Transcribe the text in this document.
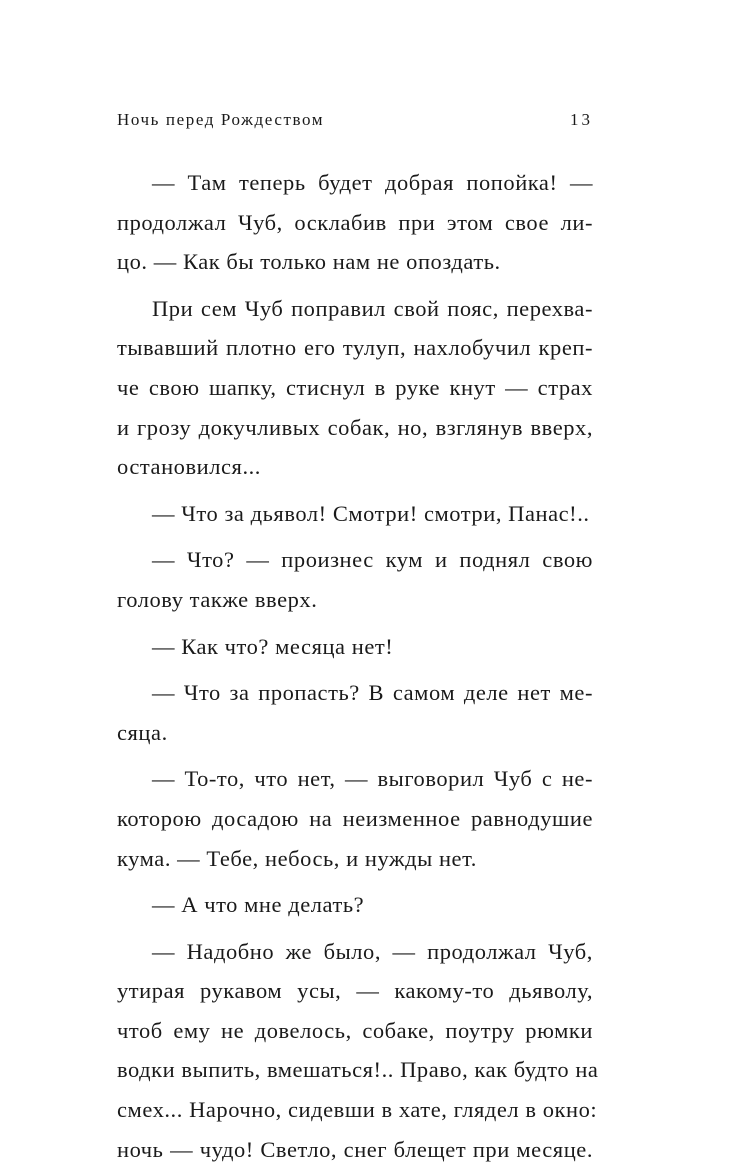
Ночь перед Рождеством	13
— Там теперь будет добрая попойка! —
продолжал Чуб, осклабив при этом свое ли-
цо. — Как бы только нам не опоздать.
При сем Чуб поправил свой пояс, перехва-
тывавший плотно его тулуп, нахлобучил креп-
че свою шапку, стиснул в руке кнут — страх
и грозу докучливых собак, но, взглянув вверх,
остановился...
— Что за дьявол! Смотри! смотри, Панас!..
— Что? — произнес кум и поднял свою
голову также вверх.
— Как что? месяца нет!
— Что за пропасть? В самом деле нет ме-
сяца.
— То-то, что нет, — выговорил Чуб с не-
которою досадою на неизменное равнодушие
кума. — Тебе, небось, и нужды нет.
— А что мне делать?
— Надобно же было, — продолжал Чуб,
утирая рукавом усы, — какому-то дьяволу,
чтоб ему не довелось, собаке, поутру рюмки
водки выпить, вмешаться!.. Право, как будто на
смех... Нарочно, сидевши в хате, глядел в окно:
ночь — чудо! Светло, снег блещет при месяце.
